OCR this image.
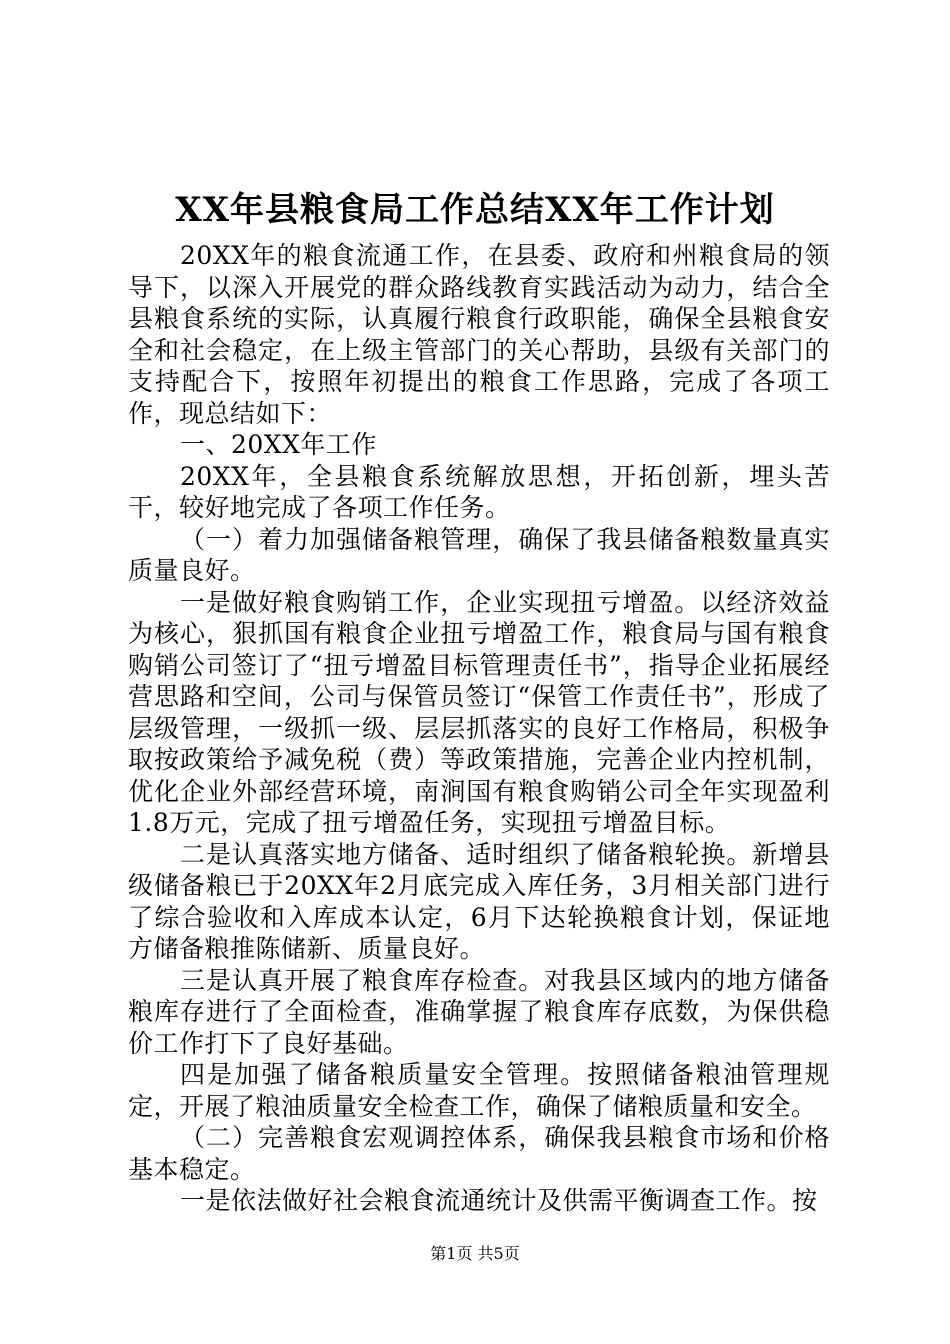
XX年县粮食局工作总结XX年工作计划

20XX年的粮食流通工作，在县委、政府和州粮食局的领导下，以深入开展党的群众路线教育实践活动为动力，结合全县粮食系统的实际，认真履行粮食行政职能，确保全县粮食安全和社会稳定，在上级主管部门的关心帮助，县级有关部门的支持配合下，按照年初提出的粮食工作思路，完成了各项工作，现总结如下：

一、20XX年工作

20XX年，全县粮食系统解放思想，开拓创新，埋头苦干，较好地完成了各项工作任务。

（一）着力加强储备粮管理，确保了我县储备粮数量真实质量良好。

一是做好粮食购销工作，企业实现扭亏增盈。以经济效益为核心，狠抓国有粮食企业扭亏增盈工作，粮食局与国有粮食购销公司签订了“扭亏增盈目标管理责任书”，指导企业拓展经营思路和空间，公司与保管员签订“保管工作责任书”，形成了层级管理，一级抓一级、层层抓落实的良好工作格局，积极争取按政策给予减免税（费）等政策措施，完善企业内控机制，优化企业外部经营环境，南涧国有粮食购销公司全年实现盈利1.8万元，完成了扭亏增盈任务，实现扭亏增盈目标。

二是认真落实地方储备、适时组织了储备粮轮换。新增县级储备粮已于20XX年2月底完成入库任务，3月相关部门进行了综合验收和入库成本认定，6月下达轮换粮食计划，保证地方储备粮推陈储新、质量良好。

三是认真开展了粮食库存检查。对我县区域内的地方储备粮库存进行了全面检查，准确掌握了粮食库存底数，为保供稳价工作打下了良好基础。

四是加强了储备粮质量安全管理。按照储备粮油管理规定，开展了粮油质量安全检查工作，确保了储粮质量和安全。

（二）完善粮食宏观调控体系，确保我县粮食市场和价格基本稳定。

一是依法做好社会粮食流通统计及供需平衡调查工作。按

第1页 共5页
